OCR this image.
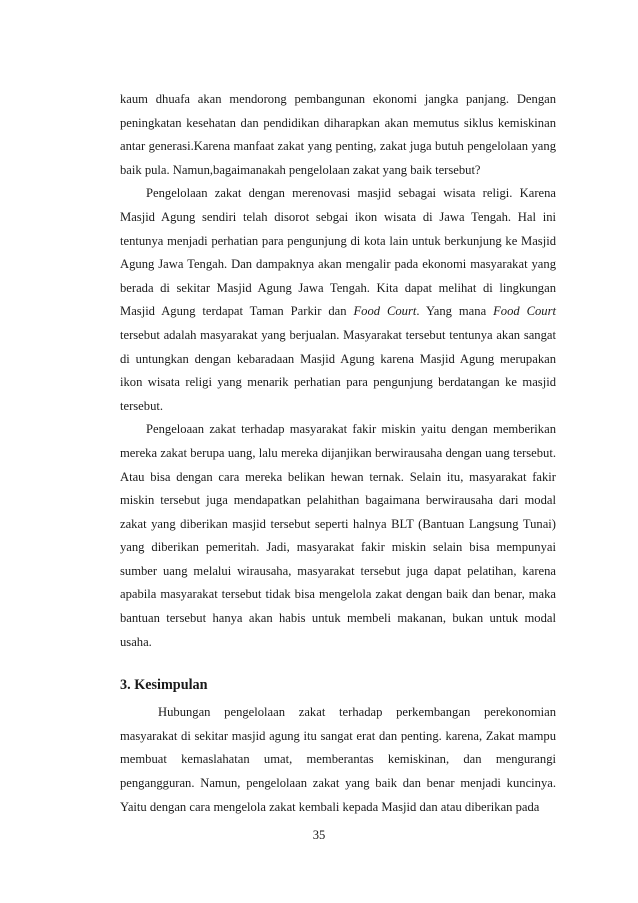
kaum dhuafa akan mendorong pembangunan ekonomi jangka panjang. Dengan peningkatan kesehatan dan pendidikan diharapkan akan memutus siklus kemiskinan antar generasi.Karena manfaat zakat yang penting, zakat juga butuh pengelolaan yang baik pula. Namun,bagaimanakah pengelolaan zakat yang baik tersebut?

Pengelolaan zakat dengan merenovasi masjid sebagai wisata religi. Karena Masjid Agung sendiri telah disorot sebgai ikon wisata di Jawa Tengah. Hal ini tentunya menjadi perhatian para pengunjung di kota lain untuk berkunjung ke Masjid Agung Jawa Tengah. Dan dampaknya akan mengalir pada ekonomi masyarakat yang berada di sekitar Masjid Agung Jawa Tengah. Kita dapat melihat di lingkungan Masjid Agung terdapat Taman Parkir dan Food Court. Yang mana Food Court tersebut adalah masyarakat yang berjualan. Masyarakat tersebut tentunya akan sangat di untungkan dengan kebaradaan Masjid Agung karena Masjid Agung merupakan ikon wisata religi yang menarik perhatian para pengunjung berdatangan ke masjid tersebut.

Pengeloaan zakat terhadap masyarakat fakir miskin yaitu dengan memberikan mereka zakat berupa uang, lalu mereka dijanjikan berwirausaha dengan uang tersebut. Atau bisa dengan cara mereka belikan hewan ternak. Selain itu, masyarakat fakir miskin tersebut juga mendapatkan pelahithan bagaimana berwirausaha dari modal zakat yang diberikan masjid tersebut seperti halnya BLT (Bantuan Langsung Tunai) yang diberikan pemeritah. Jadi, masyarakat fakir miskin selain bisa mempunyai sumber uang melalui wirausaha, masyarakat tersebut juga dapat pelatihan, karena apabila masyarakat tersebut tidak bisa mengelola zakat dengan baik dan benar, maka bantuan tersebut hanya akan habis untuk membeli makanan, bukan untuk modal usaha.

3. Kesimpulan

Hubungan pengelolaan zakat terhadap perkembangan perekonomian masyarakat di sekitar masjid agung itu sangat erat dan penting. karena, Zakat mampu membuat kemaslahatan umat, memberantas kemiskinan, dan mengurangi pengangguran. Namun, pengelolaan zakat yang baik dan benar menjadi kuncinya. Yaitu dengan cara mengelola zakat kembali kepada Masjid dan atau diberikan pada

35
